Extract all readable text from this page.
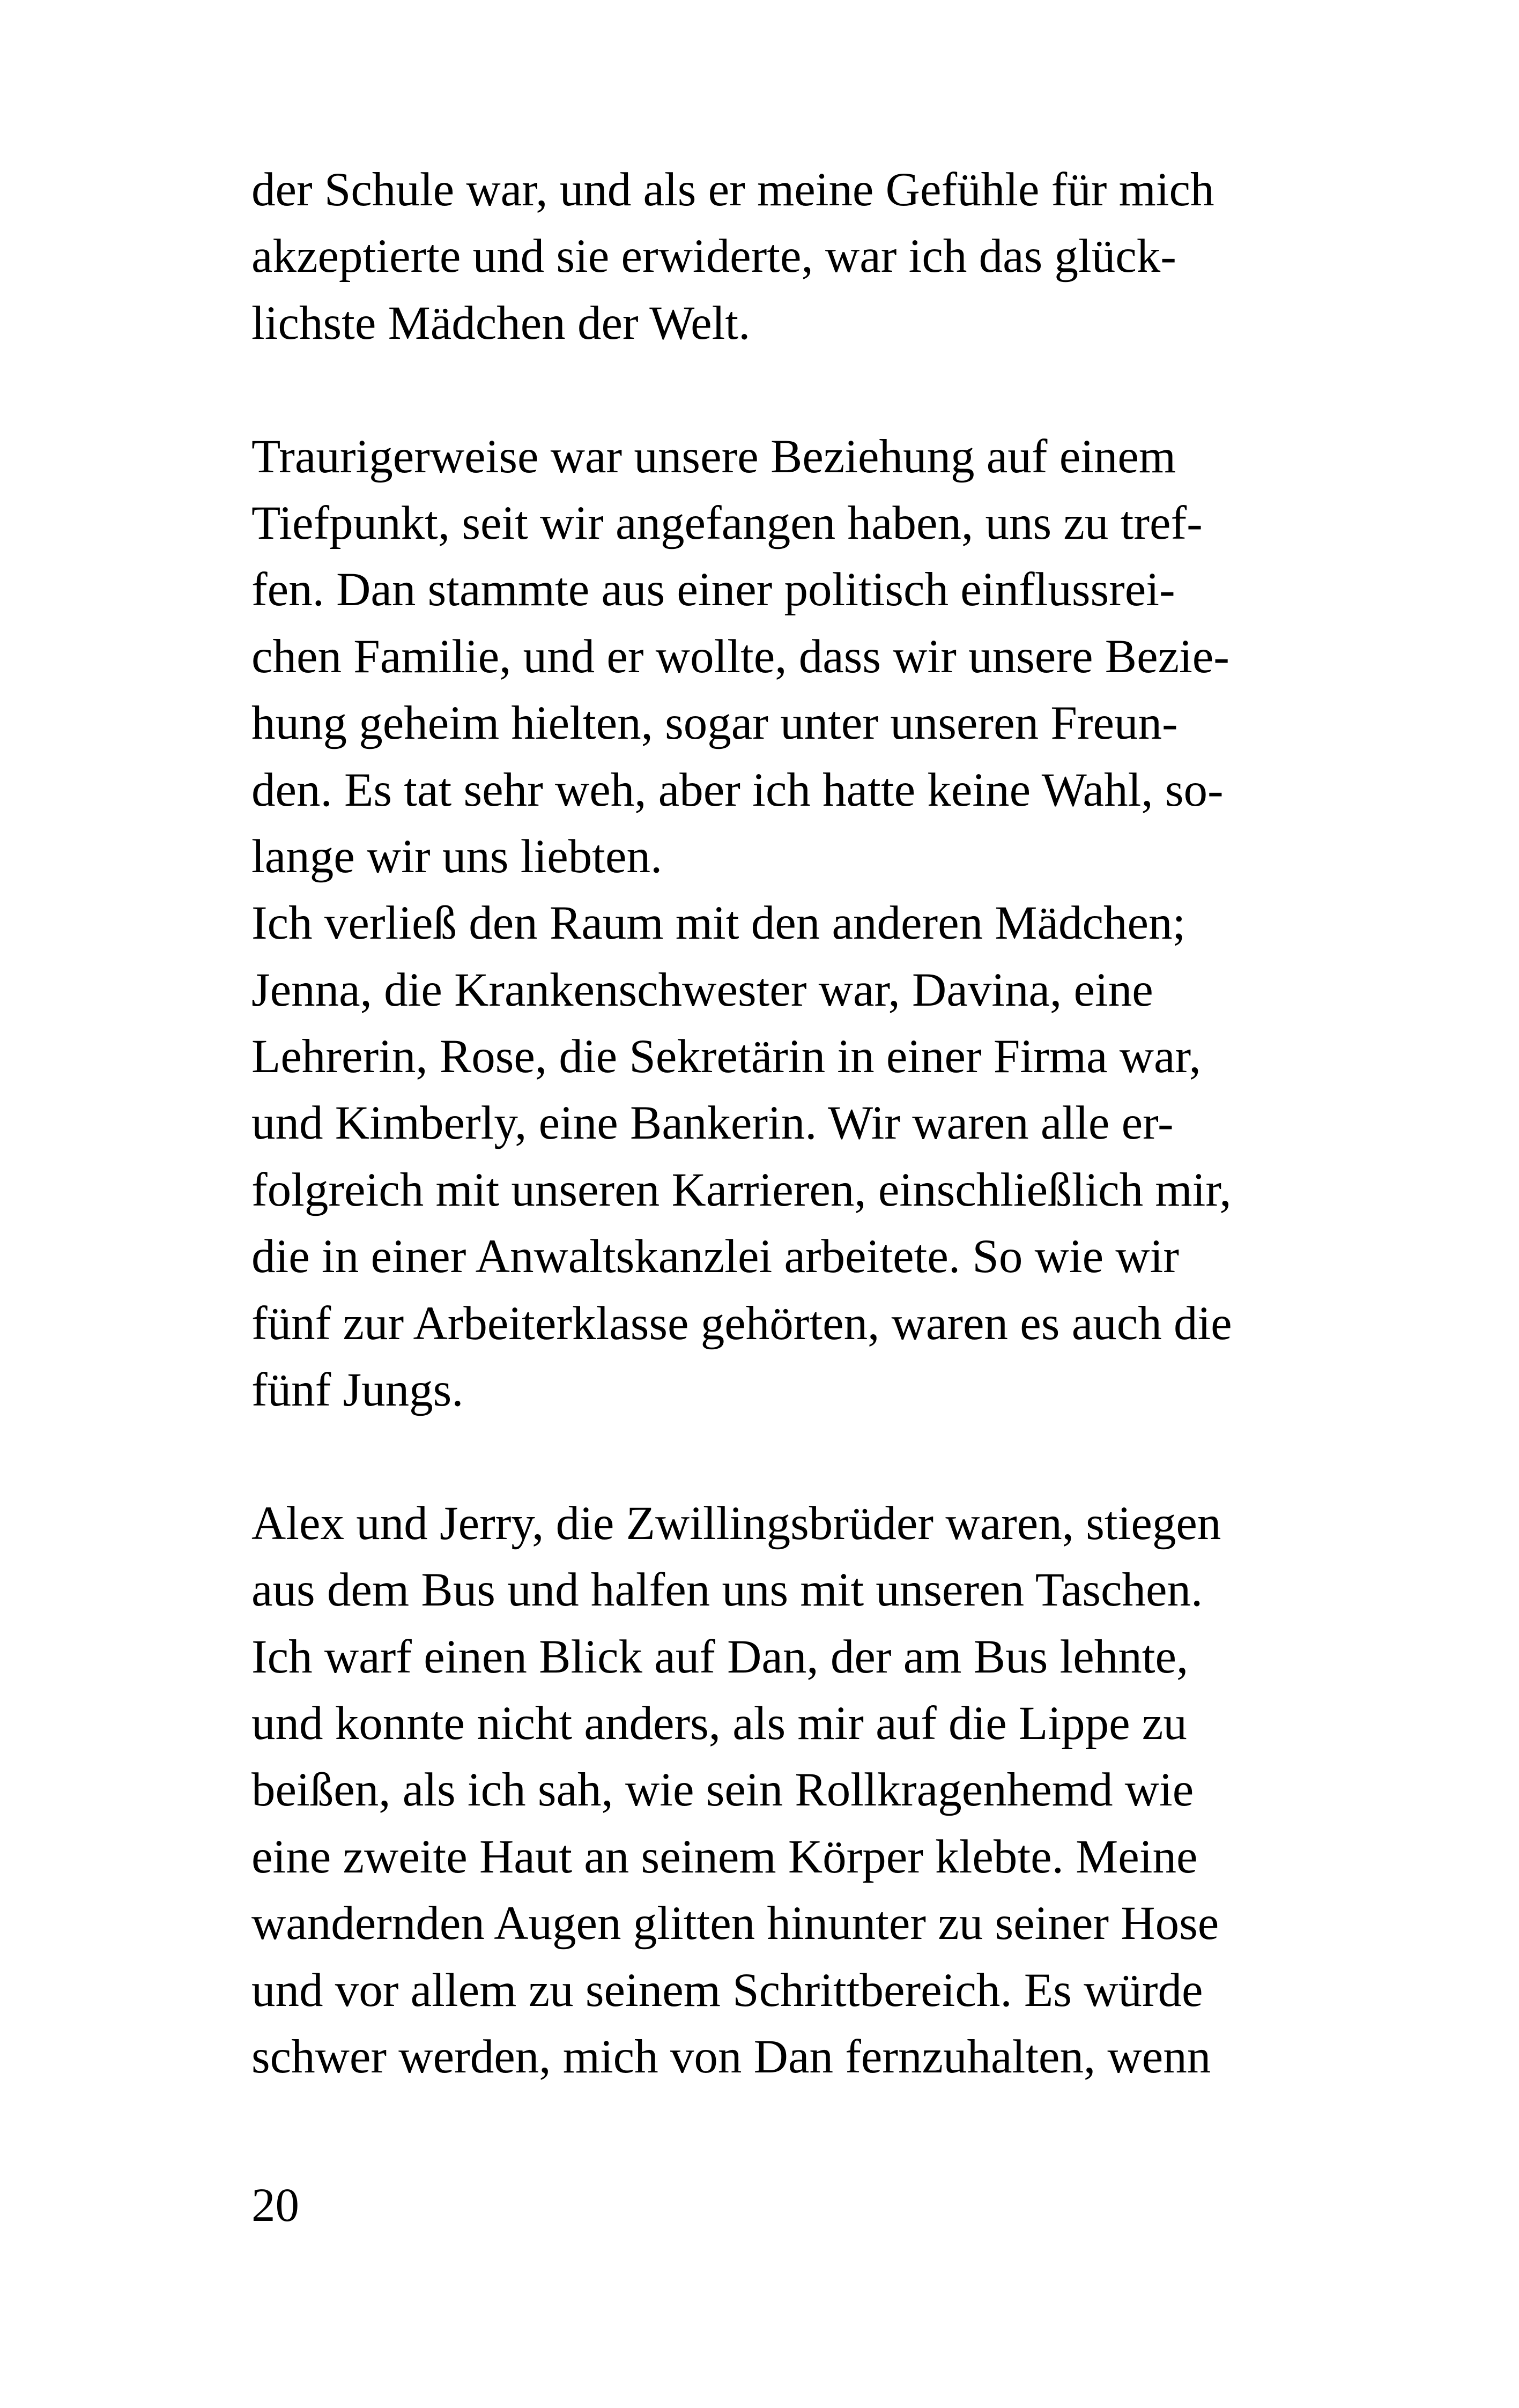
der Schule war, und als er meine Gefühle für mich
akzeptierte und sie erwiderte, war ich das glück-
lichste Mädchen der Welt.
Traurigerweise war unsere Beziehung auf einem
Tiefpunkt, seit wir angefangen haben, uns zu tref-
fen. Dan stammte aus einer politisch einflussrei-
chen Familie, und er wollte, dass wir unsere Bezie-
hung geheim hielten, sogar unter unseren Freun-
den. Es tat sehr weh, aber ich hatte keine Wahl, so-
lange wir uns liebten.
Ich verließ den Raum mit den anderen Mädchen;
Jenna, die Krankenschwester war, Davina, eine
Lehrerin, Rose, die Sekretärin in einer Firma war,
und Kimberly, eine Bankerin. Wir waren alle er-
folgreich mit unseren Karrieren, einschließlich mir,
die in einer Anwaltskanzlei arbeitete. So wie wir
fünf zur Arbeiterklasse gehörten, waren es auch die
fünf Jungs.
Alex und Jerry, die Zwillingsbrüder waren, stiegen
aus dem Bus und halfen uns mit unseren Taschen.
Ich warf einen Blick auf Dan, der am Bus lehnte,
und konnte nicht anders, als mir auf die Lippe zu
beißen, als ich sah, wie sein Rollkragenhemd wie
eine zweite Haut an seinem Körper klebte. Meine
wandernden Augen glitten hinunter zu seiner Hose
und vor allem zu seinem Schrittbereich. Es würde
schwer werden, mich von Dan fernzuhalten, wenn
20
